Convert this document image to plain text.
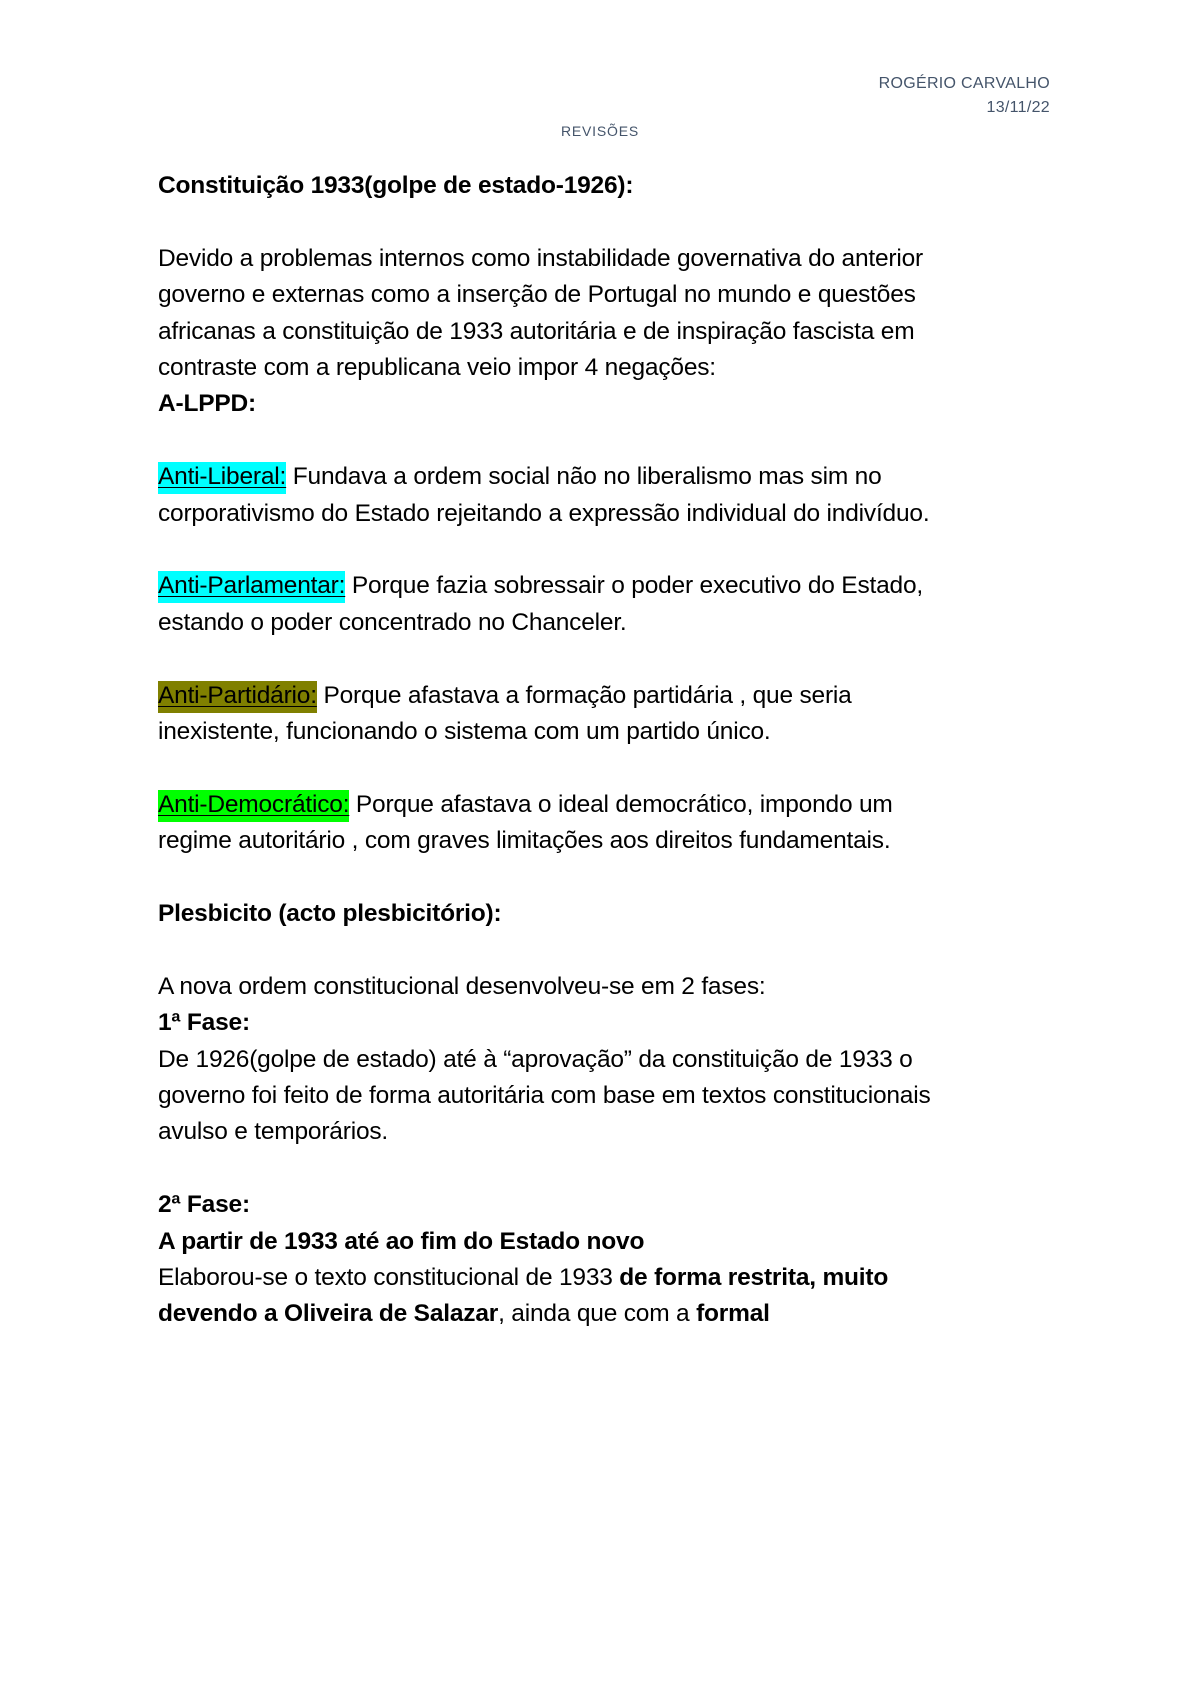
ROGÉRIO CARVALHO
13/11/22
REVISÕES

Constituição 1933(golpe de estado-1926):

Devido a problemas internos como instabilidade governativa do anterior governo e externas como a inserção de Portugal no mundo e questões africanas a constituição de 1933 autoritária e de inspiração fascista em contraste com a republicana veio impor 4 negações:

A-LPPD:

Anti-Liberal: Fundava a ordem social não no liberalismo mas sim no corporativismo do Estado rejeitando a expressão individual do indivíduo.

Anti-Parlamentar: Porque fazia sobressair o poder executivo do Estado, estando o poder concentrado no Chanceler.

Anti-Partidário: Porque afastava a formação partidária , que seria inexistente, funcionando o sistema com um partido único.

Anti-Democrático: Porque afastava o ideal democrático, impondo um regime autoritário , com graves limitações aos direitos fundamentais.

Plesbicito (acto plesbicitório):

A nova ordem constitucional desenvolveu-se em 2 fases:

1ª Fase:

De 1926(golpe de estado) até à “aprovação” da constituição de 1933 o governo foi feito de forma autoritária com base em textos constitucionais avulso e temporários.

2ª Fase:

A partir de 1933 até ao fim do Estado novo

Elaborou-se o texto constitucional de 1933 de forma restrita, muito devendo a Oliveira de Salazar, ainda que com a formal
